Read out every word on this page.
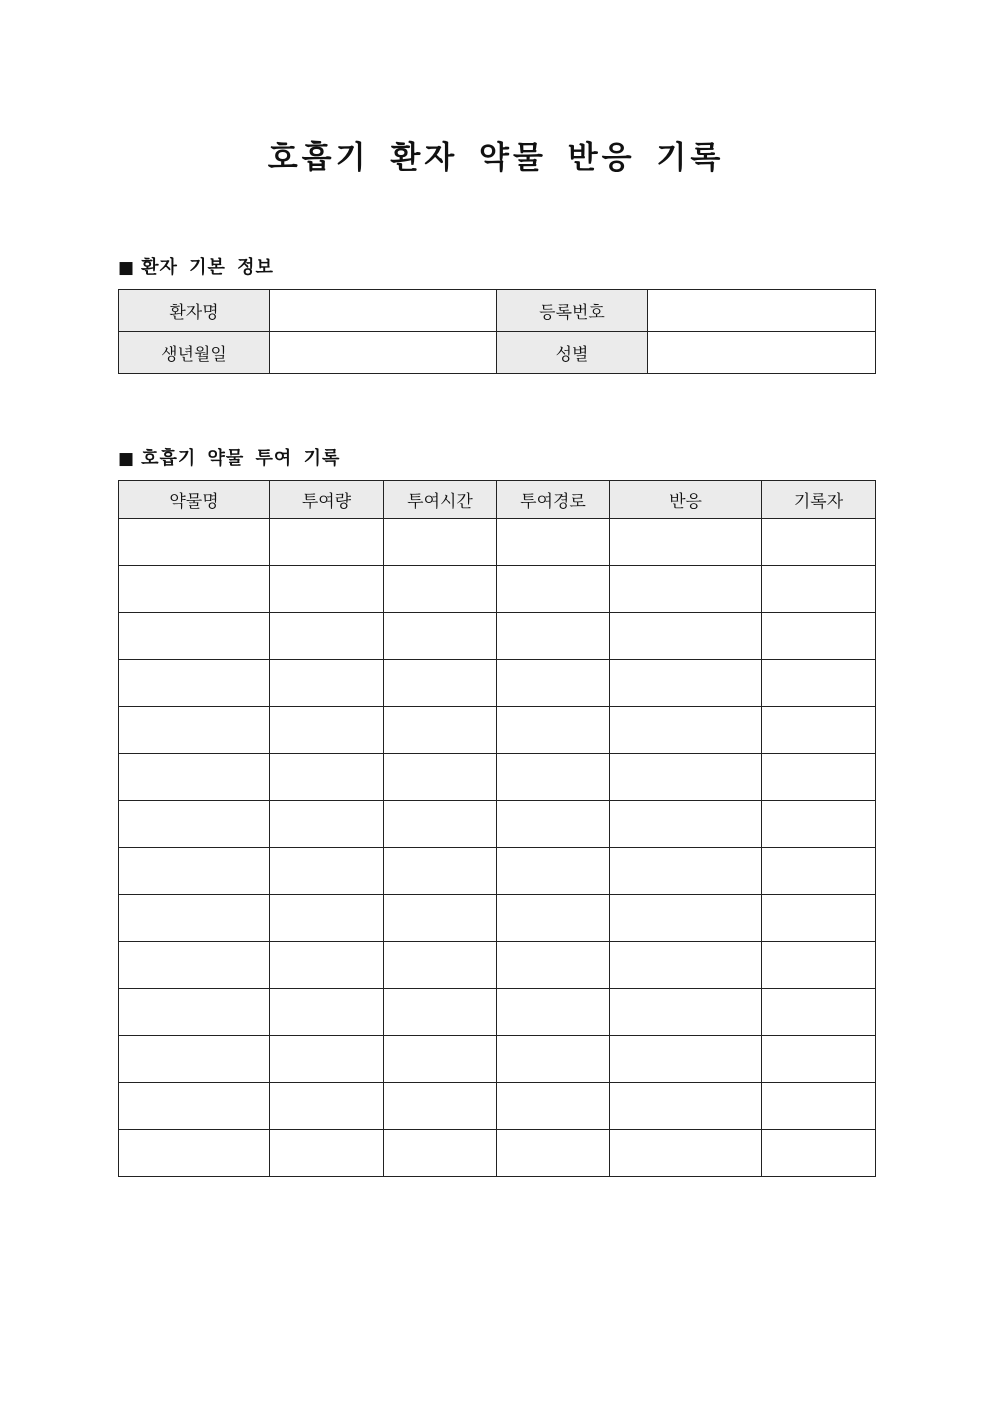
호흡기 환자 약물 반응 기록
■ 환자 기본 정보
환자명		등록번호	
생년월일		성별	
■ 호흡기 약물 투여 기록
약물명	투여량	투여시간	투여경로	반응	기록자
